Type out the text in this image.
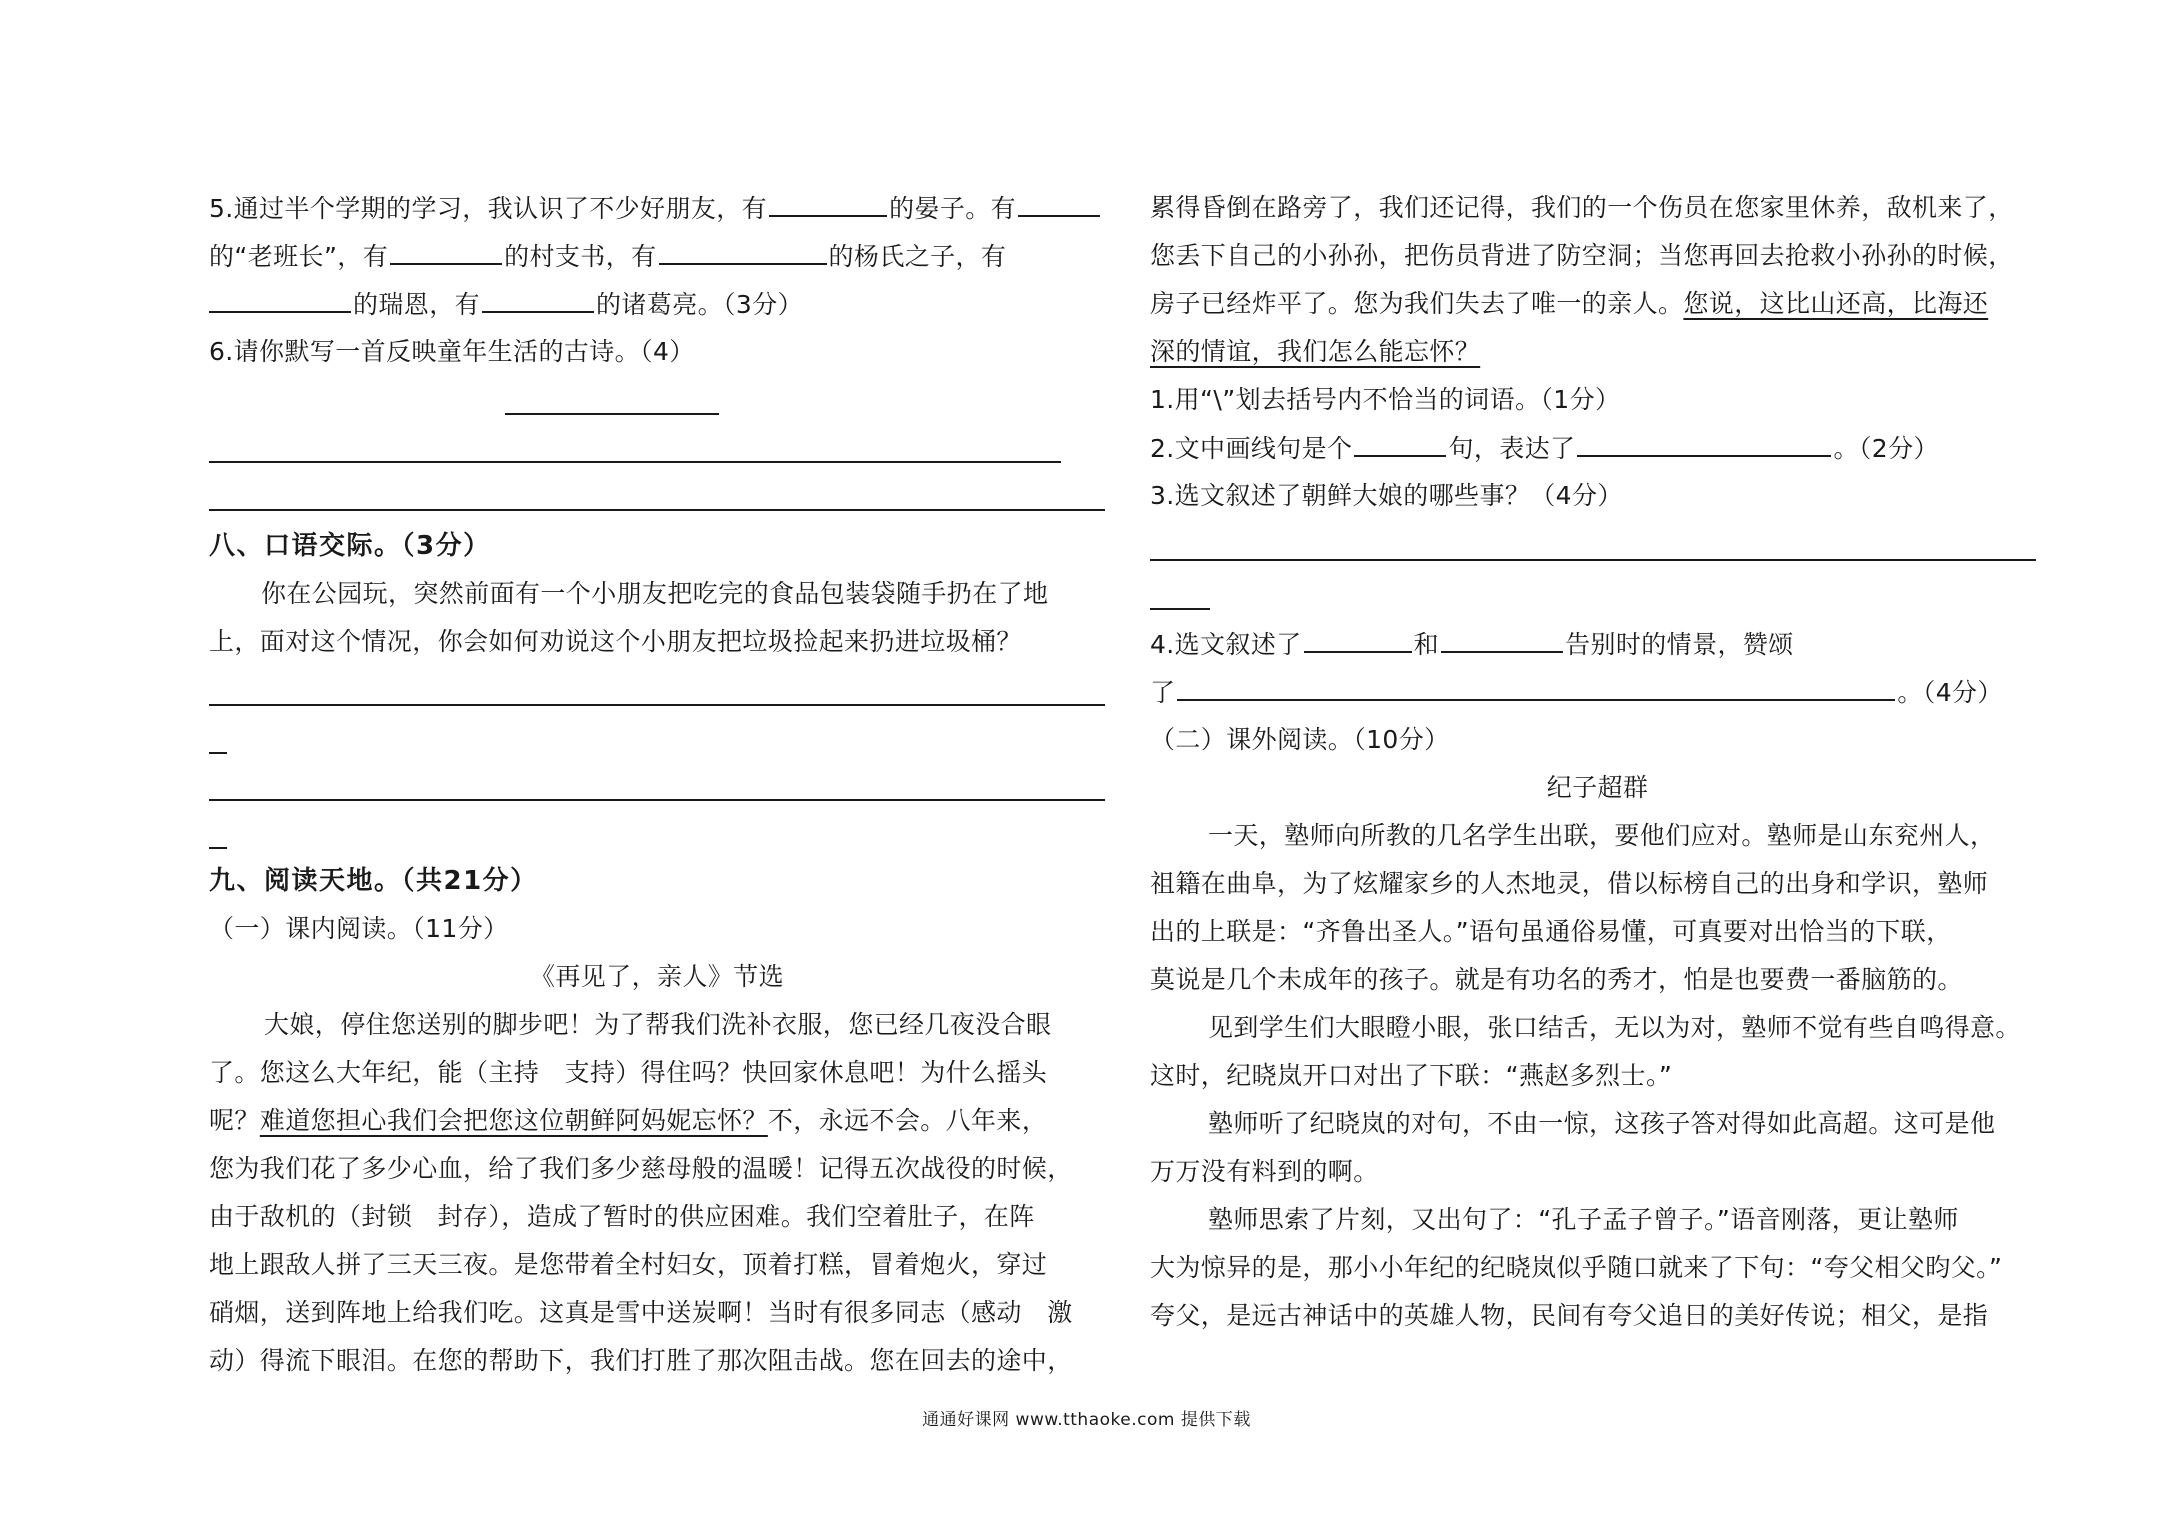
5.通过半个学期的学习，我认识了不少好朋友，有	的晏子。有
的“老班长”，有	的村支书，有	的杨氏之子，有
的瑞恩，有	的诸葛亮。（3分）
6.请你默写一首反映童年生活的古诗。（4）
八、口语交际。（3分）
你在公园玩，突然前面有一个小朋友把吃完的食品包装袋随手扔在了地
上，面对这个情况，你会如何劝说这个小朋友把垃圾捡起来扔进垃圾桶？
九、阅读天地。（共21分）
（一）课内阅读。（11分）
《再见了，亲人》节选
大娘，停住您送别的脚步吧！为了帮我们洗补衣服，您已经几夜没合眼
了。您这么大年纪，能（主持　支持）得住吗？快回家休息吧！为什么摇头
呢？难道您担心我们会把您这位朝鲜阿妈妮忘怀？不，永远不会。八年来，
您为我们花了多少心血，给了我们多少慈母般的温暖！记得五次战役的时候，
由于敌机的（封锁　封存），造成了暂时的供应困难。我们空着肚子，在阵
地上跟敌人拼了三天三夜。是您带着全村妇女，顶着打糕，冒着炮火，穿过
硝烟，送到阵地上给我们吃。这真是雪中送炭啊！当时有很多同志（感动　激
动）得流下眼泪。在您的帮助下，我们打胜了那次阻击战。您在回去的途中，
累得昏倒在路旁了，我们还记得，我们的一个伤员在您家里休养，敌机来了，
您丢下自己的小孙孙，把伤员背进了防空洞；当您再回去抢救小孙孙的时候，
房子已经炸平了。您为我们失去了唯一的亲人。您说，这比山还高，比海还
深的情谊，我们怎么能忘怀？
1.用“\”划去括号内不恰当的词语。（1分）
2.文中画线句是个	句，表达了	。（2分）
3.选文叙述了朝鲜大娘的哪些事？（4分）
4.选文叙述了	和	告别时的情景，赞颂
了	。（4分）
（二）课外阅读。（10分）
纪子超群
一天，塾师向所教的几名学生出联，要他们应对。塾师是山东兖州人，
祖籍在曲阜，为了炫耀家乡的人杰地灵，借以标榜自己的出身和学识，塾师
出的上联是：“齐鲁出圣人。”语句虽通俗易懂，可真要对出恰当的下联，
莫说是几个未成年的孩子。就是有功名的秀才，怕是也要费一番脑筋的。
见到学生们大眼瞪小眼，张口结舌，无以为对，塾师不觉有些自鸣得意。
这时，纪晓岚开口对出了下联：“燕赵多烈士。”
塾师听了纪晓岚的对句，不由一惊，这孩子答对得如此高超。这可是他
万万没有料到的啊。
塾师思索了片刻，又出句了：“孔子孟子曾子。”语音刚落，更让塾师
大为惊异的是，那小小年纪的纪晓岚似乎随口就来了下句：“夸父相父昀父。”
夸父，是远古神话中的英雄人物，民间有夸父追日的美好传说；相父，是指
通通好课网 www.tthaoke.com 提供下载
